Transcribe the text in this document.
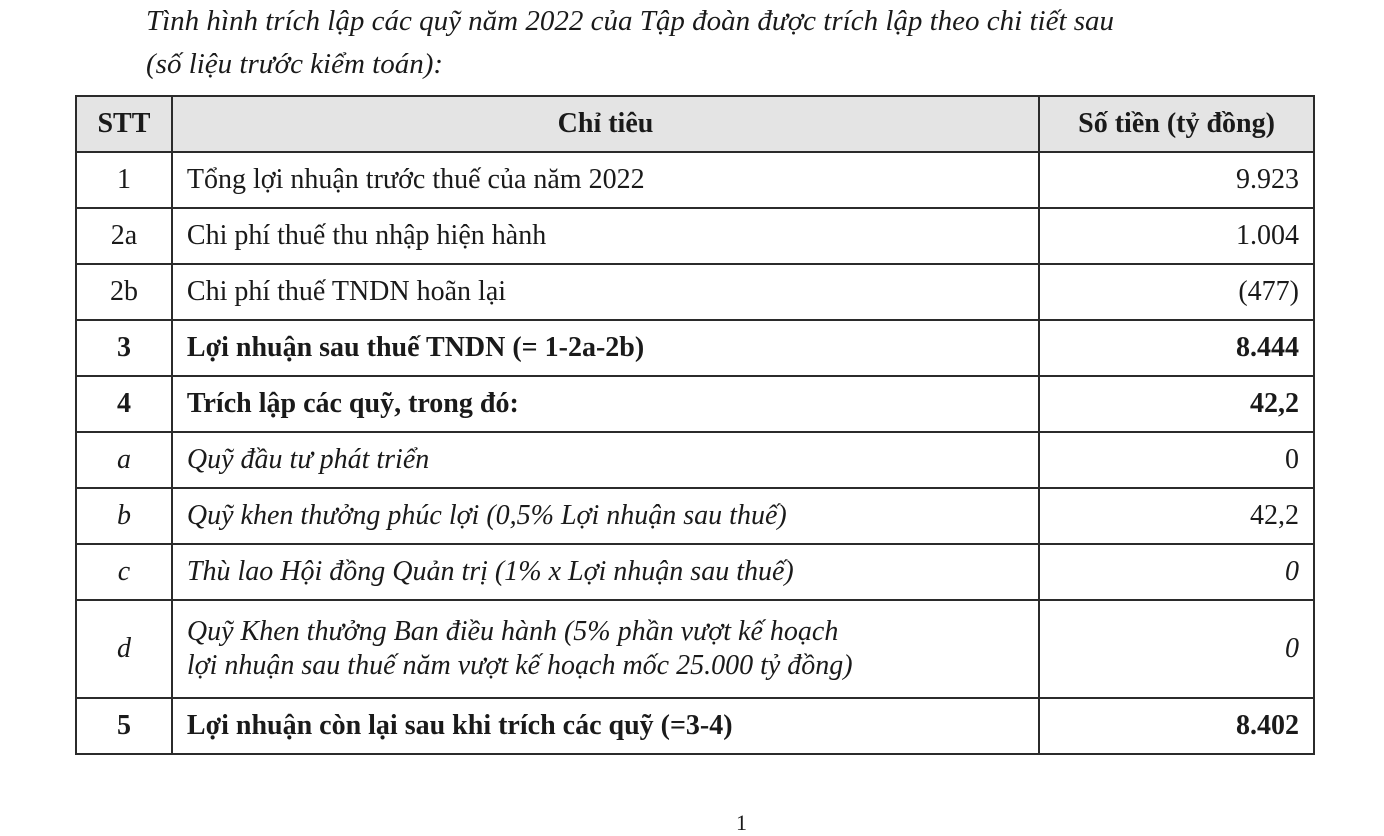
Tình hình trích lập các quỹ năm 2022 của Tập đoàn được trích lập theo chi tiết sau

(số liệu trước kiểm toán):

STT	Chỉ tiêu	Số tiền (tỷ đồng)
1	Tổng lợi nhuận trước thuế của năm 2022	9.923
2a	Chi phí thuế thu nhập hiện hành	1.004
2b	Chi phí thuế TNDN hoãn lại	(477)
3	Lợi nhuận sau thuế TNDN (= 1-2a-2b)	8.444
4	Trích lập các quỹ, trong đó:	42,2
a	Quỹ đầu tư phát triển	0
b	Quỹ khen thưởng phúc lợi (0,5% Lợi nhuận sau thuế)	42,2
c	Thù lao Hội đồng Quản trị (1% x Lợi nhuận sau thuế)	0
d	Quỹ Khen thưởng Ban điều hành (5% phần vượt kế hoạch
lợi nhuận sau thuế năm vượt kế hoạch mốc 25.000 tỷ đồng)	0
5	Lợi nhuận còn lại sau khi trích các quỹ (=3-4)	8.402
1
